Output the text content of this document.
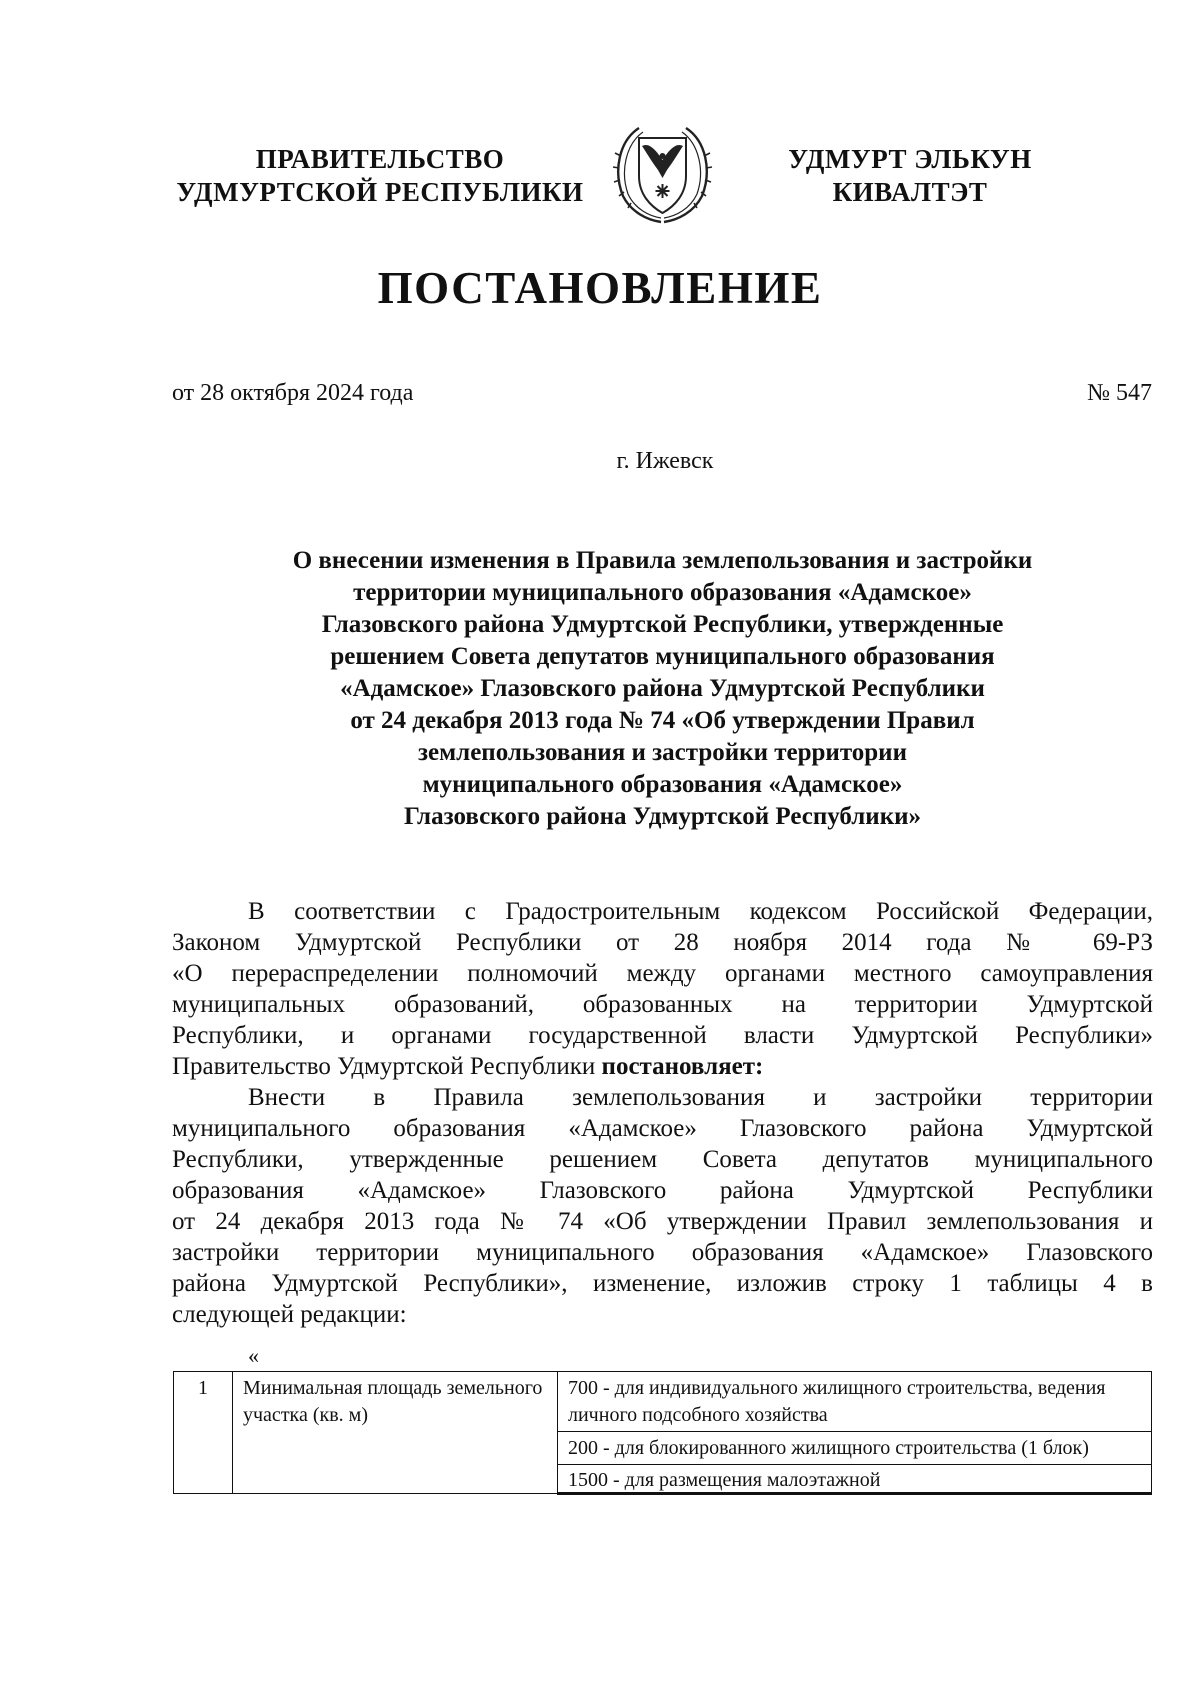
ПРАВИТЕЛЬСТВО
УДМУРТСКОЙ РЕСПУБЛИКИ
УДМУРТ ЭЛЬКУН
КИВАЛТЭТ
ПОСТАНОВЛЕНИЕ
от 28 октября 2024 года	№ 547
г. Ижевск
О внесении изменения в Правила землепользования и застройки
территории муниципального образования «Адамское»
Глазовского района Удмуртской Республики, утвержденные
решением Совета депутатов муниципального образования
«Адамское» Глазовского района Удмуртской Республики
от 24 декабря 2013 года № 74 «Об утверждении Правил
землепользования и застройки территории
муниципального образования «Адамское»
Глазовского района Удмуртской Республики»
В соответствии с Градостроительным кодексом Российской Федерации,
Законом Удмуртской Республики от 28 ноября 2014 года № 69-РЗ
«О перераспределении полномочий между органами местного самоуправления
муниципальных образований, образованных на территории Удмуртской
Республики, и органами государственной власти Удмуртской Республики»
Правительство Удмуртской Республики постановляет:
Внести в Правила землепользования и застройки территории
муниципального образования «Адамское» Глазовского района Удмуртской
Республики, утвержденные решением Совета депутатов муниципального
образования «Адамское» Глазовского района Удмуртской Республики
от 24 декабря 2013 года № 74 «Об утверждении Правил землепользования и
застройки территории муниципального образования «Адамское» Глазовского
района Удмуртской Республики», изменение, изложив строку 1 таблицы 4 в
следующей редакции:
«
1	Минимальная площадь земельного участка (кв. м)	700 - для индивидуального жилищного строительства, ведения личного подсобного хозяйства
200 - для блокированного жилищного строительства (1 блок)
1500 - для размещения малоэтажной
